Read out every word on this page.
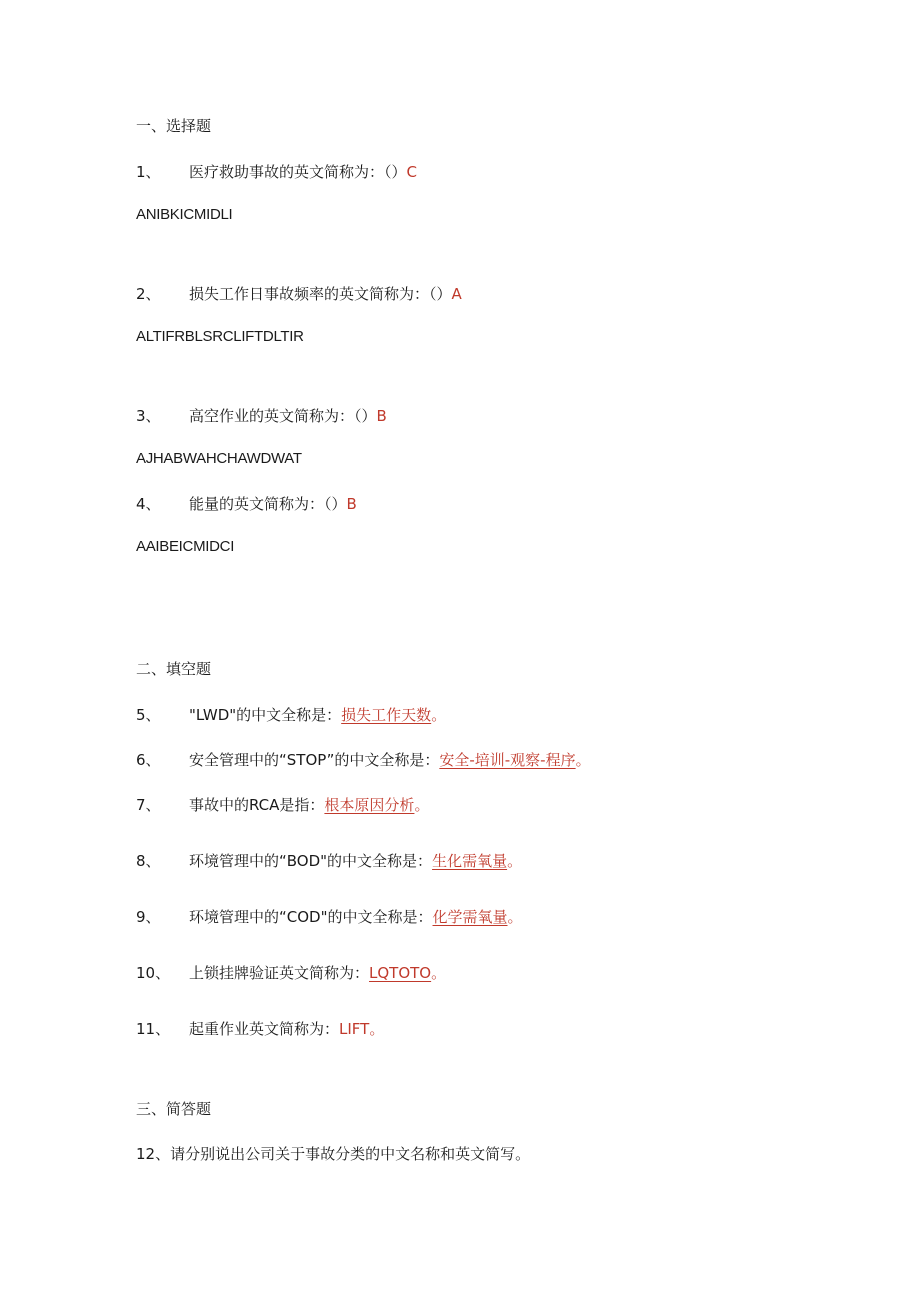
一、选择题
1、 医疗救助事故的英文简称为：（）C
ANIBKICMIDLI
2、 损失工作日事故频率的英文简称为：（）A
ALTIFRBLSRCLIFTDLTIR
3、 高空作业的英文简称为：（）B
AJHABWAHCHAWDWAT
4、 能量的英文简称为：（）B
AAIBEICMIDCI
二、填空题
5、 "LWD"的中文全称是：损失工作天数。
6、 安全管理中的“STOP”的中文全称是：安全-培训-观察-程序。
7、 事故中的RCA是指：根本原因分析。
8、 环境管理中的“BOD"的中文全称是：生化需氧量。
9、 环境管理中的“COD"的中文全称是：化学需氧量。
10、 上锁挂牌验证英文简称为：LQTOTO。
11、 起重作业英文简称为：LIFT。
三、简答题
12、请分别说出公司关于事故分类的中文名称和英文简写。
